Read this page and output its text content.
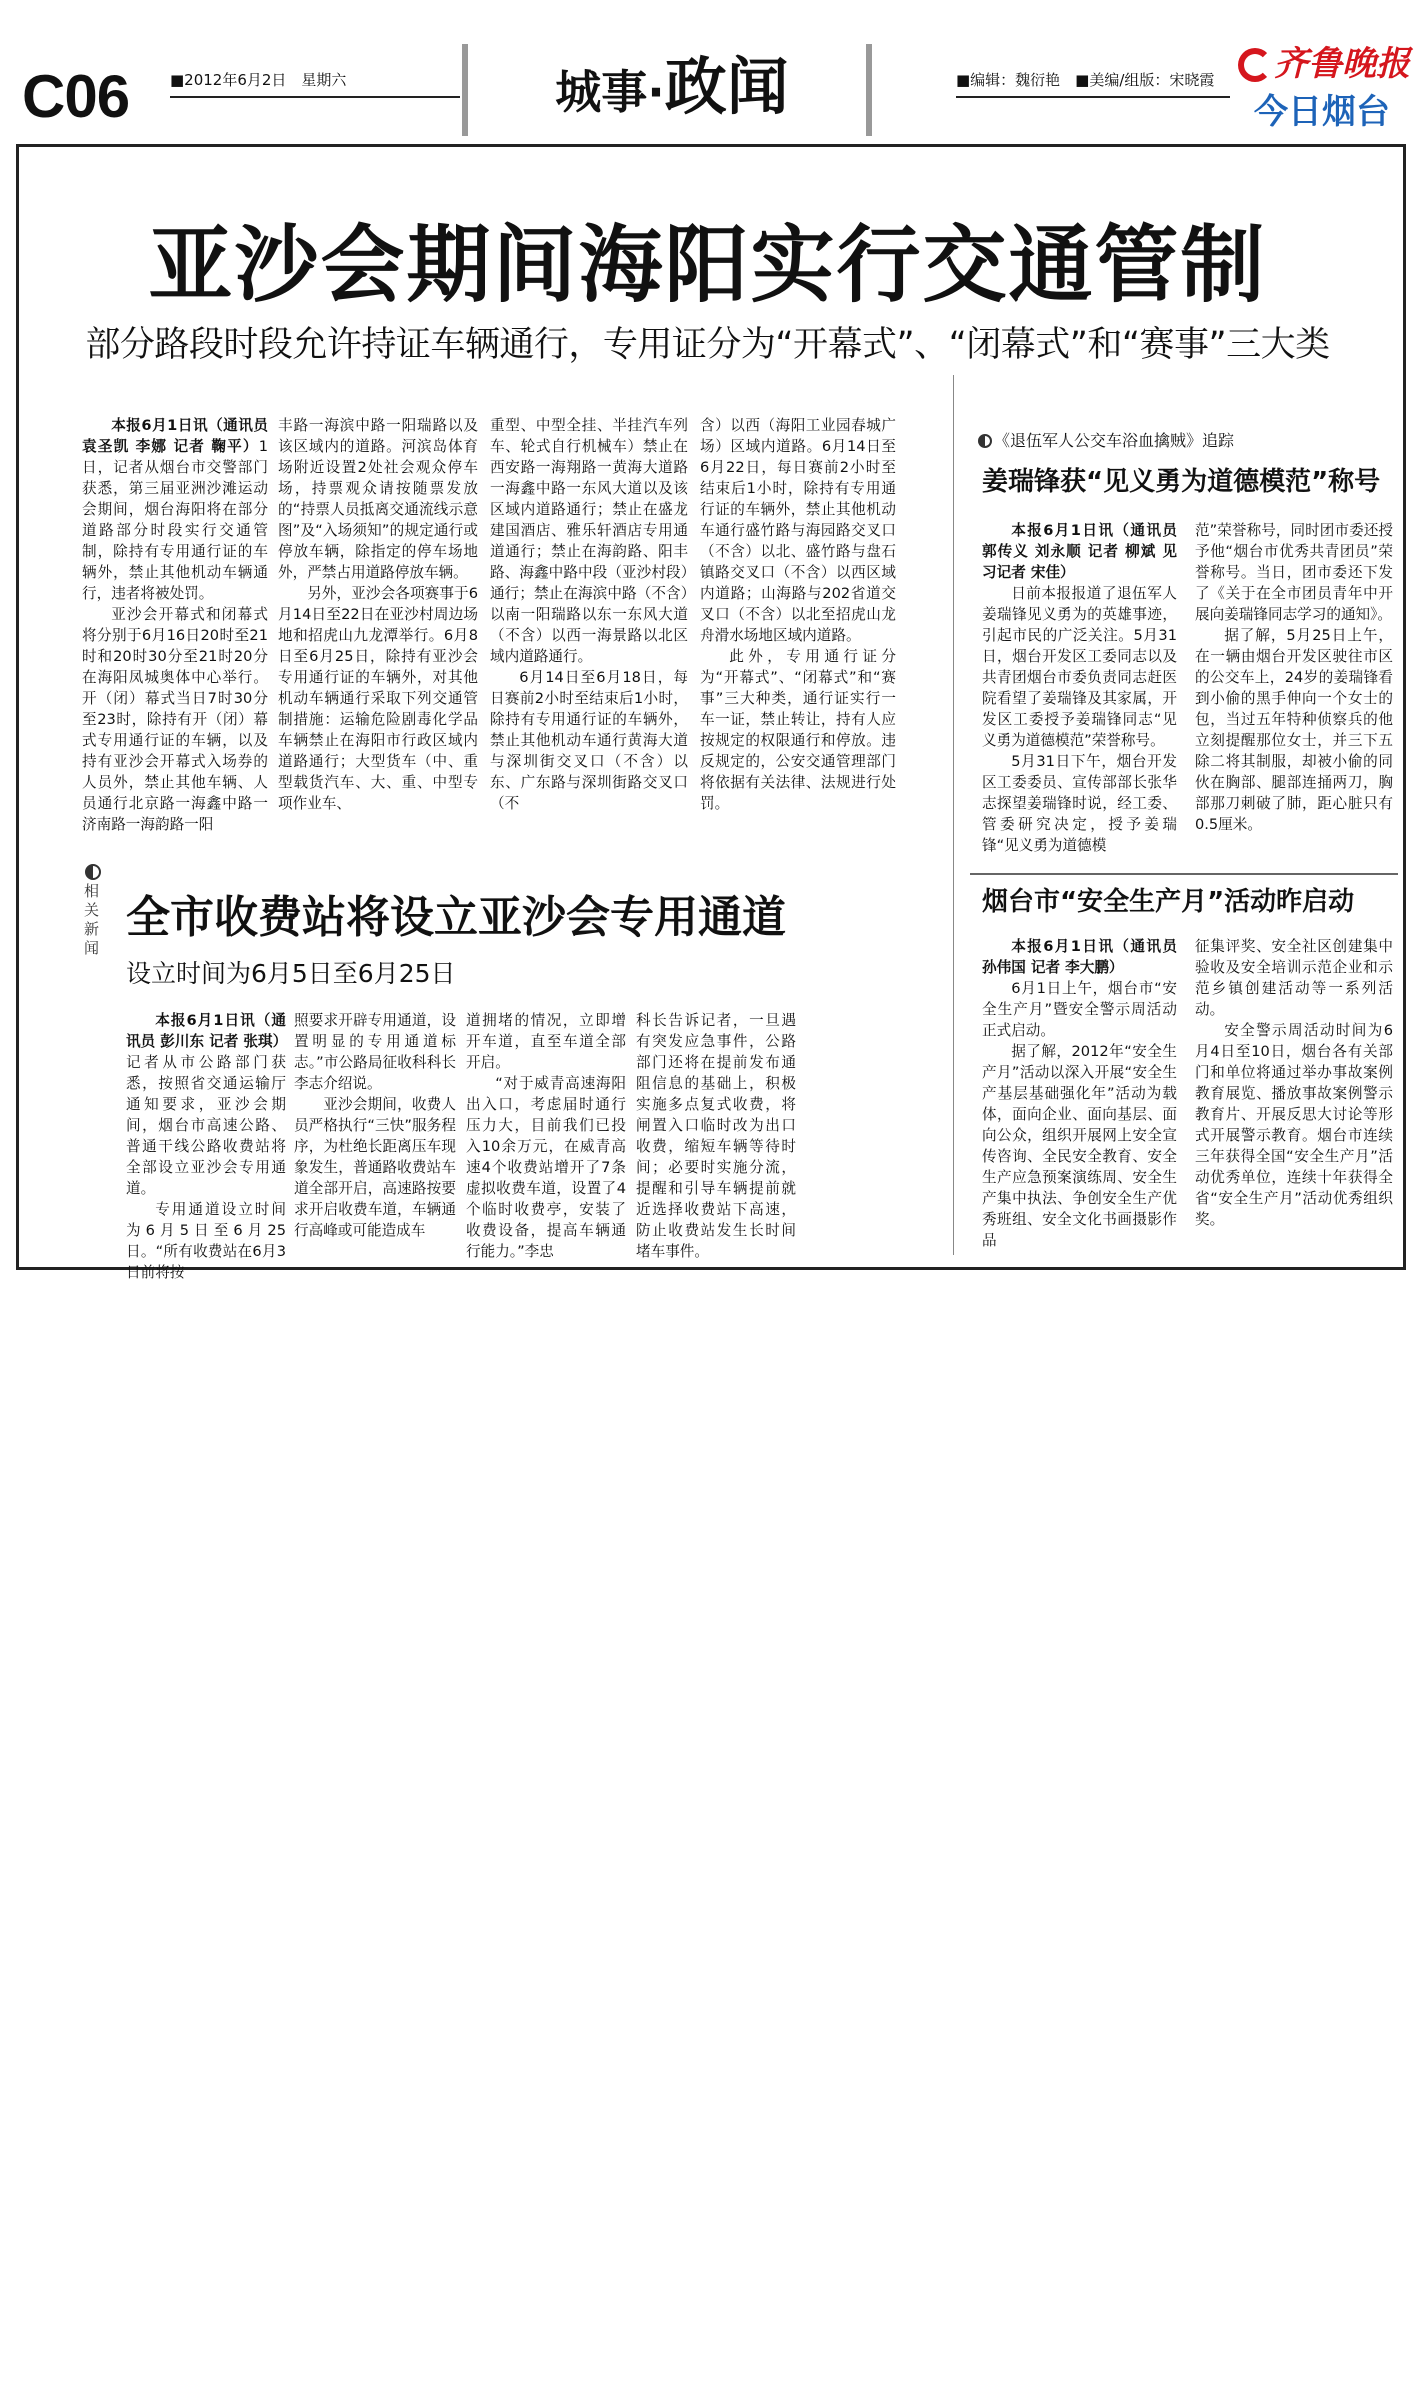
C06	■2012年6月2日　星期六	城事·政闻	■编辑：魏衍艳　■美编/组版：宋晓霞 齐鲁晚报
今日烟台
亚沙会期间海阳实行交通管制
部分路段时段允许持证车辆通行，专用证分为“开幕式”、“闭幕式”和“赛事”三大类

本报6月1日讯（通讯员 袁圣凯 李娜 记者 鞠平）1日，记者从烟台市交警部门获悉，第三届亚洲沙滩运动会期间，烟台海阳将在部分道路部分时段实行交通管制，除持有专用通行证的车辆外，禁止其他机动车辆通行，违者将被处罚。

亚沙会开幕式和闭幕式将分别于6月16日20时至21时和20时30分至21时20分在海阳凤城奥体中心举行。开（闭）幕式当日7时30分至23时，除持有开（闭）幕式专用通行证的车辆，以及持有亚沙会开幕式入场券的人员外，禁止其他车辆、人员通行北京路一海鑫中路一济南路一海韵路一阳

丰路一海滨中路一阳瑞路以及该区域内的道路。河滨岛体育场附近设置2处社会观众停车场，持票观众请按随票发放的“持票人员抵离交通流线示意图”及“入场须知”的规定通行或停放车辆，除指定的停车场地外，严禁占用道路停放车辆。

另外，亚沙会各项赛事于6月14日至22日在亚沙村周边场地和招虎山九龙潭举行。6月8日至6月25日，除持有亚沙会专用通行证的车辆外，对其他机动车辆通行采取下列交通管制措施：运输危险剧毒化学品车辆禁止在海阳市行政区域内道路通行；大型货车（中、重型载货汽车、大、重、中型专项作业车、

重型、中型全挂、半挂汽车列车、轮式自行机械车）禁止在西安路一海翔路一黄海大道路一海鑫中路一东风大道以及该区域内道路通行；禁止在盛龙建国酒店、雅乐轩酒店专用通道通行；禁止在海韵路、阳丰路、海鑫中路中段（亚沙村段）通行；禁止在海滨中路（不含）以南一阳瑞路以东一东风大道（不含）以西一海景路以北区域内道路通行。

6月14日至6月18日，每日赛前2小时至结束后1小时，除持有专用通行证的车辆外，禁止其他机动车通行黄海大道与深圳街交叉口（不含）以东、广东路与深圳街路交叉口（不

含）以西（海阳工业园春城广场）区域内道路。6月14日至6月22日，每日赛前2小时至结束后1小时，除持有专用通行证的车辆外，禁止其他机动车通行盛竹路与海园路交叉口（不含）以北、盛竹路与盘石镇路交叉口（不含）以西区域内道路；山海路与202省道交叉口（不含）以北至招虎山龙舟滑水场地区域内道路。

此外，专用通行证分为“开幕式”、“闭幕式”和“赛事”三大种类，通行证实行一车一证，禁止转让，持有人应按规定的权限通行和停放。违反规定的，公安交通管理部门将依据有关法律、法规进行处罚。

相关新闻
全市收费站将设立亚沙会专用通道
设立时间为6月5日至6月25日

本报6月1日讯（通讯员 彭川东 记者 张琪）记者从市公路部门获悉，按照省交通运输厅通知要求，亚沙会期间，烟台市高速公路、普通干线公路收费站将全部设立亚沙会专用通道。

专用通道设立时间为6月5日至6月25日。“所有收费站在6月3日前将按

照要求开辟专用通道，设置明显的专用通道标志。”市公路局征收科科长李志介绍说。

亚沙会期间，收费人员严格执行“三快”服务程序，为杜绝长距离压车现象发生，普通路收费站车道全部开启，高速路按要求开启收费车道，车辆通行高峰或可能造成车

道拥堵的情况，立即增开车道，直至车道全部开启。

“对于威青高速海阳出入口，考虑届时通行压力大，目前我们已投入10余万元，在威青高速4个收费站增开了7条虚拟收费车道，设置了4个临时收费亭，安装了收费设备，提高车辆通行能力。”李忠

科长告诉记者，一旦遇有突发应急事件，公路部门还将在提前发布通阻信息的基础上，积极实施多点复式收费，将闸置入口临时改为出口收费，缩短车辆等待时间；必要时实施分流，提醒和引导车辆提前就近选择收费站下高速，防止收费站发生长时间堵车事件。

《退伍军人公交车浴血擒贼》追踪
姜瑞锋获“见义勇为道德模范”称号

本报6月1日讯（通讯员 郭传义 刘永顺 记者 柳斌 见习记者 宋佳）

日前本报报道了退伍军人姜瑞锋见义勇为的英雄事迹，引起市民的广泛关注。5月31日，烟台开发区工委同志以及共青团烟台市委负责同志赶医院看望了姜瑞锋及其家属，开发区工委授予姜瑞锋同志“见义勇为道德模范”荣誉称号。

5月31日下午，烟台开发区工委委员、宣传部部长张华志探望姜瑞锋时说，经工委、管委研究决定，授予姜瑞锋“见义勇为道德模

范”荣誉称号，同时团市委还授予他“烟台市优秀共青团员”荣誉称号。当日，团市委还下发了《关于在全市团员青年中开展向姜瑞锋同志学习的通知》。

据了解，5月25日上午，在一辆由烟台开发区驶往市区的公交车上，24岁的姜瑞锋看到小偷的黑手伸向一个女士的包，当过五年特种侦察兵的他立刻提醒那位女士，并三下五除二将其制服，却被小偷的同伙在胸部、腿部连捅两刀，胸部那刀刺破了肺，距心脏只有0.5厘米。

烟台市“安全生产月”活动昨启动

本报6月1日讯（通讯员 孙伟国 记者 李大鹏）

6月1日上午，烟台市“安全生产月”暨安全警示周活动正式启动。

据了解，2012年“安全生产月”活动以深入开展“安全生产基层基础强化年”活动为载体，面向企业、面向基层、面向公众，组织开展网上安全宣传咨询、全民安全教育、安全生产应急预案演练周、安全生产集中执法、争创安全生产优秀班组、安全文化书画摄影作品

征集评奖、安全社区创建集中验收及安全培训示范企业和示范乡镇创建活动等一系列活动。

安全警示周活动时间为6月4日至10日，烟台各有关部门和单位将通过举办事故案例教育展览、播放事故案例警示教育片、开展反思大讨论等形式开展警示教育。烟台市连续三年获得全国“安全生产月”活动优秀单位，连续十年获得全省“安全生产月”活动优秀组织奖。
